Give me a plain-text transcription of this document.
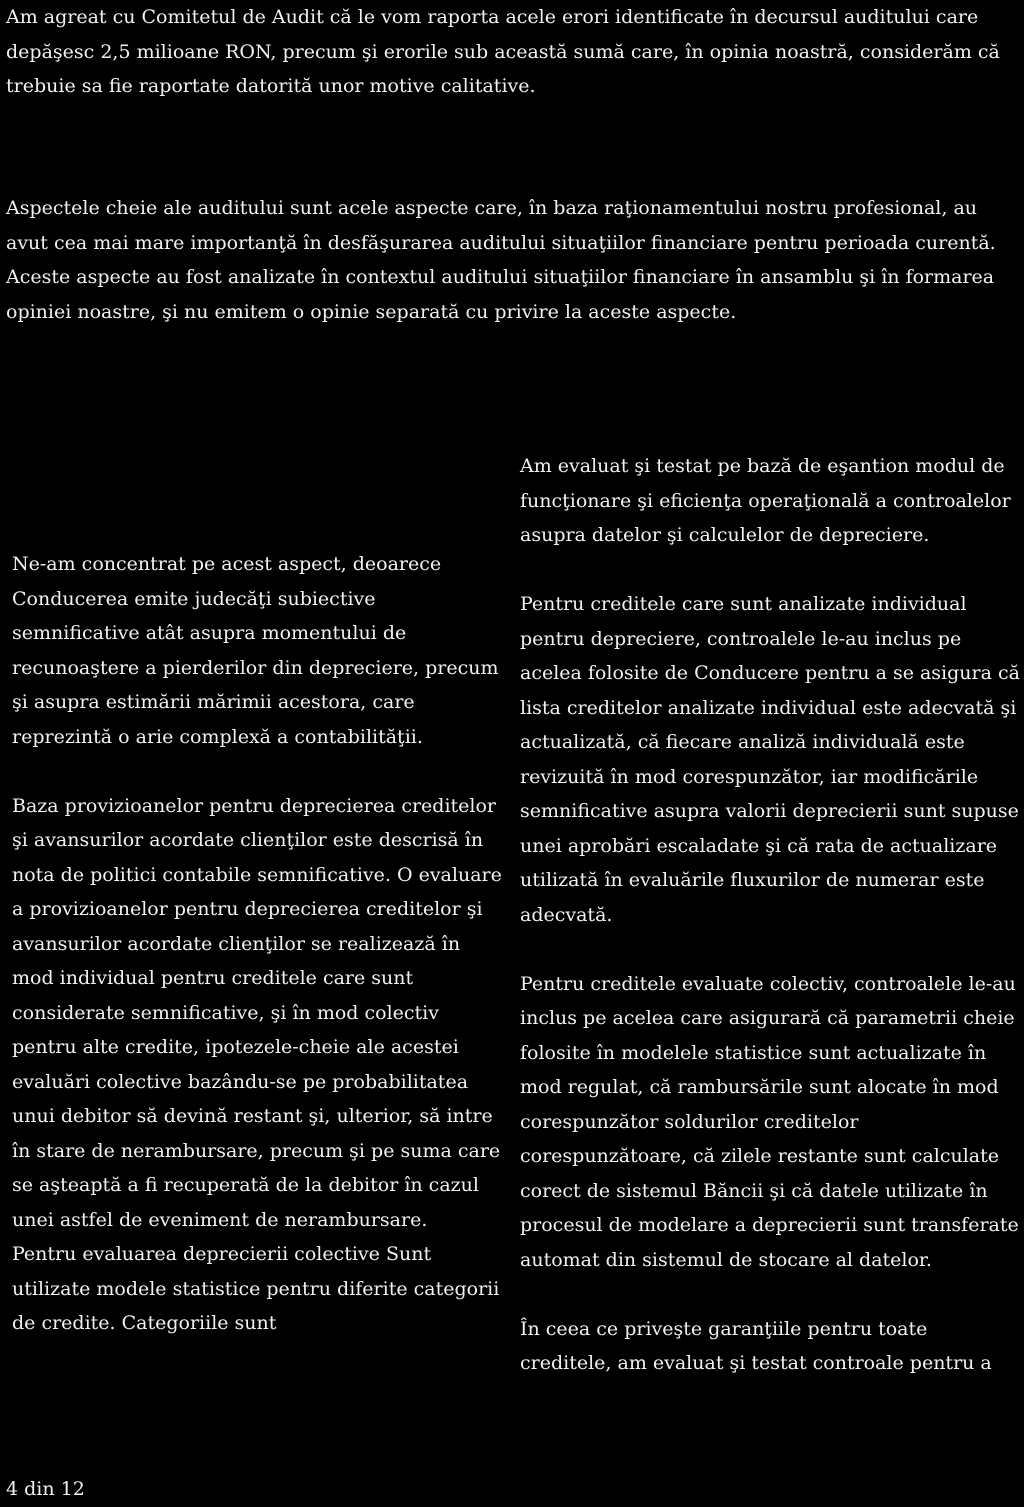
Am agreat cu Comitetul de Audit că le vom raporta acele erori identificate în decursul auditului care depăşesc 2,5 milioane RON, precum şi erorile sub această sumă care, în opinia noastră, considerăm că trebuie sa fie raportate datorită unor motive calitative.

Aspectele cheie ale auditului sunt acele aspecte care, în baza raţionamentului nostru profesional, au avut cea mai mare importanţă în desfăşurarea auditului situaţiilor financiare pentru perioada curentă. Aceste aspecte au fost analizate în contextul auditului situaţiilor financiare în ansamblu şi în formarea opiniei noastre, şi nu emitem o opinie separată cu privire la aceste aspecte.

Ne-am concentrat pe acest aspect, deoarece Conducerea emite judecăţi subiective semnificative atât asupra momentului de recunoaştere a pierderilor din depreciere, precum şi asupra estimării mărimii acestora, care reprezintă o arie complexă a contabilităţii.

Baza provizioanelor pentru deprecierea creditelor şi avansurilor acordate clienţilor este descrisă în nota de politici contabile semnificative. O evaluare a provizioanelor pentru deprecierea creditelor şi avansurilor acordate clienţilor se realizează în mod individual pentru creditele care sunt considerate semnificative, şi în mod colectiv pentru alte credite, ipotezele-cheie ale acestei evaluări colective bazându-se pe probabilitatea unui debitor să devină restant şi, ulterior, să intre în stare de nerambursare, precum şi pe suma care se aşteaptă a fi recuperată de la debitor în cazul unei astfel de eveniment de nerambursare.

Pentru evaluarea deprecierii colective Sunt utilizate modele statistice pentru diferite categorii de credite. Categoriile sunt

Am evaluat şi testat pe bază de eşantion modul de funcţionare şi eficienţa operaţională a controalelor asupra datelor şi calculelor de depreciere.

Pentru creditele care sunt analizate individual pentru depreciere, controalele le-au inclus pe acelea folosite de Conducere pentru a se asigura că lista creditelor analizate individual este adecvată şi actualizată, că fiecare analiză individuală este revizuită în mod corespunzător, iar modificările semnificative asupra valorii deprecierii sunt supuse unei aprobări escaladate şi că rata de actualizare utilizată în evaluările fluxurilor de numerar este adecvată.

Pentru creditele evaluate colectiv, controalele le-au inclus pe acelea care asigurară că parametrii cheie folosite în modelele statistice sunt actualizate în mod regulat, că rambursările sunt alocate în mod corespunzător soldurilor creditelor corespunzătoare, că zilele restante sunt calculate corect de sistemul Băncii şi că datele utilizate în procesul de modelare a deprecierii sunt transferate automat din sistemul de stocare al datelor.

În ceea ce priveşte garanţiile pentru toate creditele, am evaluat şi testat controale pentru a

4 din 12
